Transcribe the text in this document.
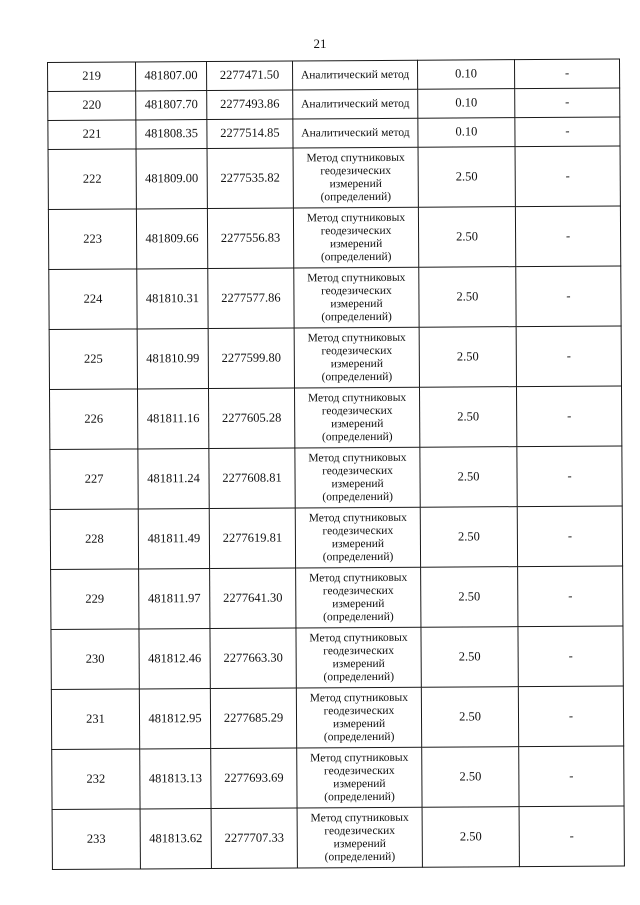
21
219	481807.00	2277471.50	Аналитический метод	0.10	-
220	481807.70	2277493.86	Аналитический метод	0.10	-
221	481808.35	2277514.85	Аналитический метод	0.10	-
222	481809.00	2277535.82	Метод спутниковых геодезических измерений (определений)	2.50	-
223	481809.66	2277556.83	Метод спутниковых геодезических измерений (определений)	2.50	-
224	481810.31	2277577.86	Метод спутниковых геодезических измерений (определений)	2.50	-
225	481810.99	2277599.80	Метод спутниковых геодезических измерений (определений)	2.50	-
226	481811.16	2277605.28	Метод спутниковых геодезических измерений (определений)	2.50	-
227	481811.24	2277608.81	Метод спутниковых геодезических измерений (определений)	2.50	-
228	481811.49	2277619.81	Метод спутниковых геодезических измерений (определений)	2.50	-
229	481811.97	2277641.30	Метод спутниковых геодезических измерений (определений)	2.50	-
230	481812.46	2277663.30	Метод спутниковых геодезических измерений (определений)	2.50	-
231	481812.95	2277685.29	Метод спутниковых геодезических измерений (определений)	2.50	-
232	481813.13	2277693.69	Метод спутниковых геодезических измерений (определений)	2.50	-
233	481813.62	2277707.33	Метод спутниковых геодезических измерений (определений)	2.50	-
